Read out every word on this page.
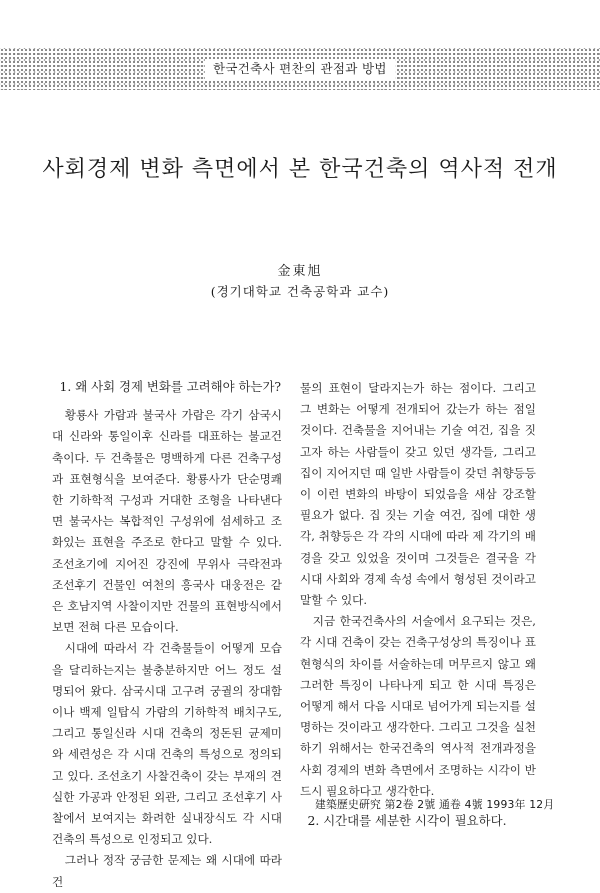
한국건축사 편찬의 관점과 방법
사회경제 변화 측면에서 본 한국건축의 역사적 전개
金東旭
(경기대학교 건축공학과 교수)
1. 왜 사회 경제 변화를 고려해야 하는가?

황룡사 가람과 불국사 가람은 각기 삼국시대 신라와 통일이후 신라를 대표하는 불교건축이다. 두 건축물은 명백하게 다른 건축구성과 표현형식을 보여준다. 황룡사가 단순명쾌한 기하학적 구성과 거대한 조형을 나타낸다면 불국사는 복합적인 구성위에 섬세하고 조화있는 표현을 주조로 한다고 말할 수 있다. 조선초기에 지어진 강진에 무위사 극락전과 조선후기 건물인 여천의 흥국사 대웅전은 같은 호남지역 사찰이지만 건물의 표현방식에서 보면 전혀 다른 모습이다.

시대에 따라서 각 건축물들이 어떻게 모습을 달리하는지는 불충분하지만 어느 정도 설명되어 왔다. 삼국시대 고구려 궁궐의 장대함이나 백제 일탑식 가람의 기하학적 배치구도, 그리고 통일신라 시대 건축의 정돈된 균제미와 세련성은 각 시대 건축의 특성으로 정의되고 있다. 조선초기 사찰건축이 갖는 부재의 견실한 가공과 안정된 외관, 그리고 조선후기 사찰에서 보여지는 화려한 실내장식도 각 시대 건축의 특성으로 인정되고 있다.

그러나 정작 궁금한 문제는 왜 시대에 따라 건

물의 표현이 달라지는가 하는 점이다. 그리고 그 변화는 어떻게 전개되어 갔는가 하는 점일 것이다. 건축물을 지어내는 기술 여건, 집을 짓고자 하는 사람들이 갖고 있던 생각들, 그리고 집이 지어지던 때 일반 사람들이 갖던 취향등등이 이런 변화의 바탕이 되었음을 새삼 강조할 필요가 없다. 집 짓는 기술 여건, 집에 대한 생각, 취향등은 각 각의 시대에 따라 제 각기의 배경을 갖고 있었을 것이며 그것들은 결국을 각 시대 사회와 경제 속성 속에서 형성된 것이라고 말할 수 있다.

지금 한국건축사의 서술에서 요구되는 것은, 각 시대 건축이 갖는 건축구성상의 특징이나 표현형식의 차이를 서술하는데 머무르지 않고 왜 그러한 특징이 나타나게 되고 한 시대 특징은 어떻게 해서 다음 시대로 넘어가게 되는지를 설명하는 것이라고 생각한다. 그리고 그것을 실천하기 위해서는 한국건축의 역사적 전개과정을 사회 경제의 변화 측면에서 조명하는 시각이 반드시 필요하다고 생각한다.

2. 시간대를 세분한 시각이 필요하다.
建築歷史硏究 第2卷 2號 通卷 4號 1993年 12月
